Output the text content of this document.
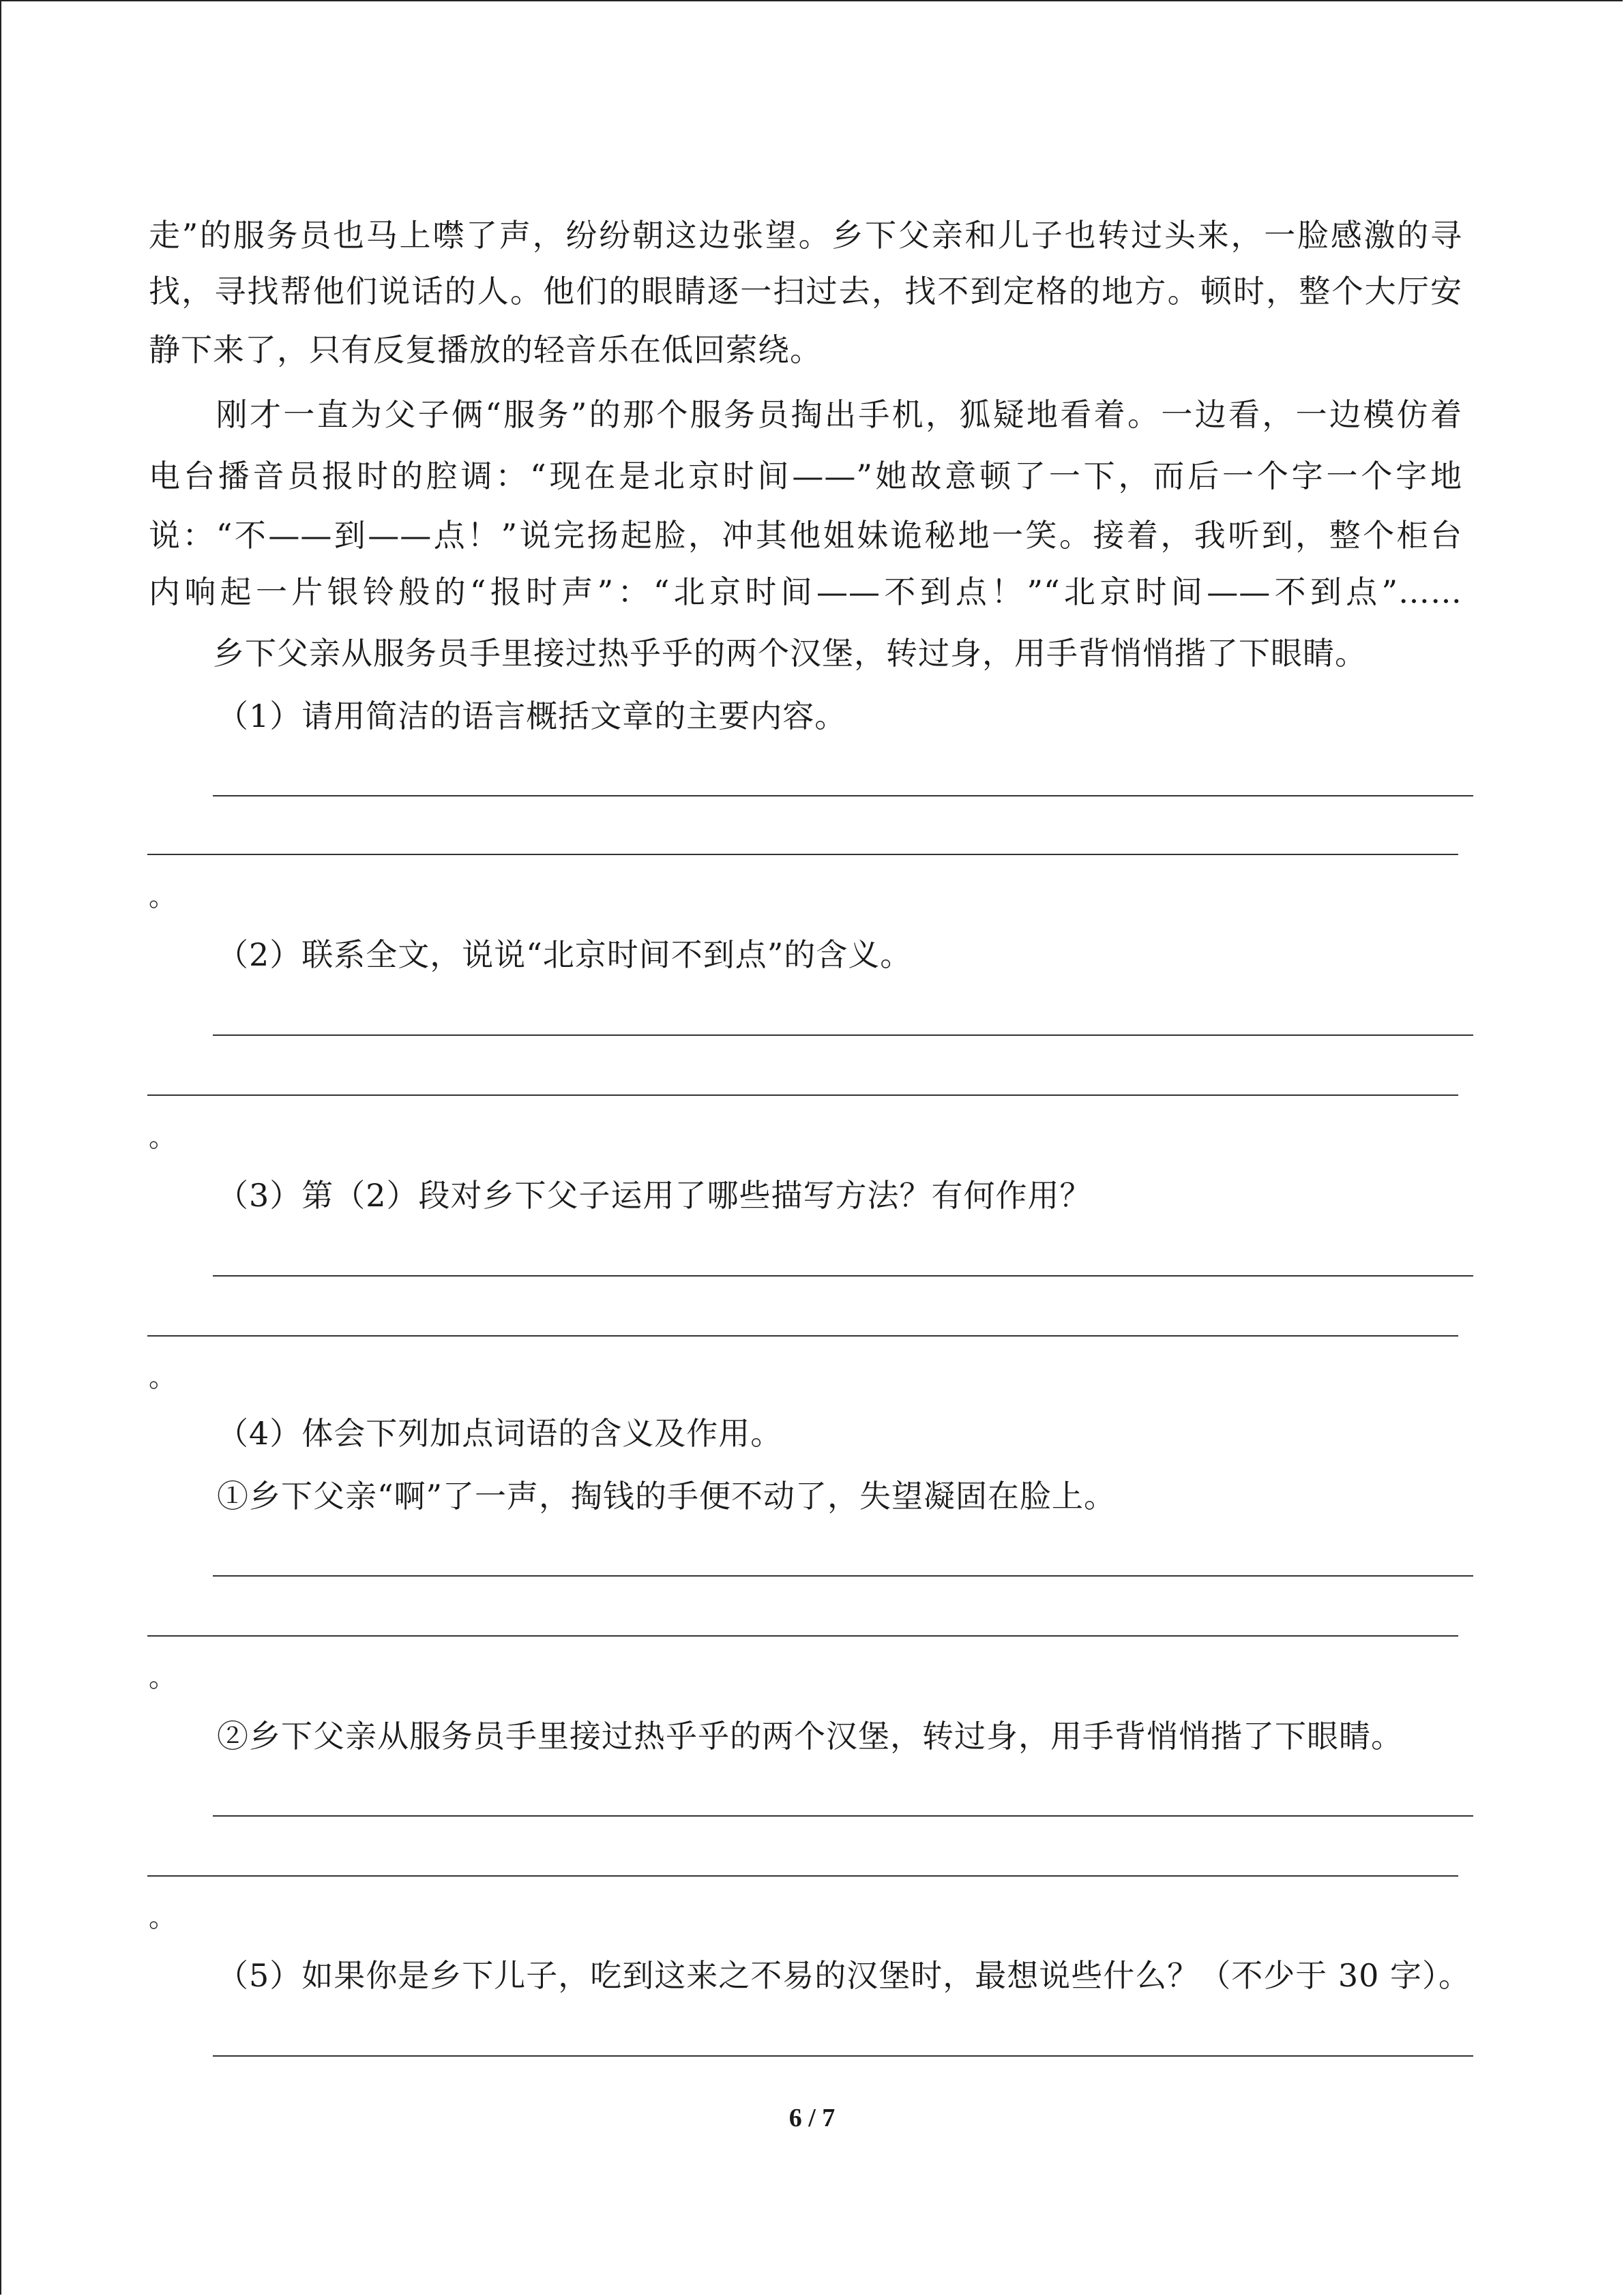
走”的服务员也马上噤了声，纷纷朝这边张望。乡下父亲和儿子也转过头来，一脸感激的寻
找，寻找帮他们说话的人。他们的眼睛逐一扫过去，找不到定格的地方。顿时，整个大厅安
静下来了，只有反复播放的轻音乐在低回萦绕。
　　刚才一直为父子俩“服务”的那个服务员掏出手机，狐疑地看着。一边看，一边模仿着
电台播音员报时的腔调：“现在是北京时间——”她故意顿了一下，而后一个字一个字地
说：“不——到——点！”说完扬起脸，冲其他姐妹诡秘地一笑。接着，我听到，整个柜台
内响起一片银铃般的“报时声”：“北京时间——不到点！”“北京时间——不到点”……
　　乡下父亲从服务员手里接过热乎乎的两个汉堡，转过身，用手背悄悄揩了下眼睛。
（1）请用简洁的语言概括文章的主要内容。
。
（2）联系全文，说说“北京时间不到点”的含义。
。
（3）第（2）段对乡下父子运用了哪些描写方法？有何作用？
。
（4）体会下列加点词语的含义及作用。
①乡下父亲“啊”了一声，掏钱的手便不动了，失望凝固在脸上。
。
②乡下父亲从服务员手里接过热乎乎的两个汉堡，转过身，用手背悄悄揩了下眼睛。
。
（5）如果你是乡下儿子，吃到这来之不易的汉堡时，最想说些什么？（不少于 30 字）。
6 / 7
